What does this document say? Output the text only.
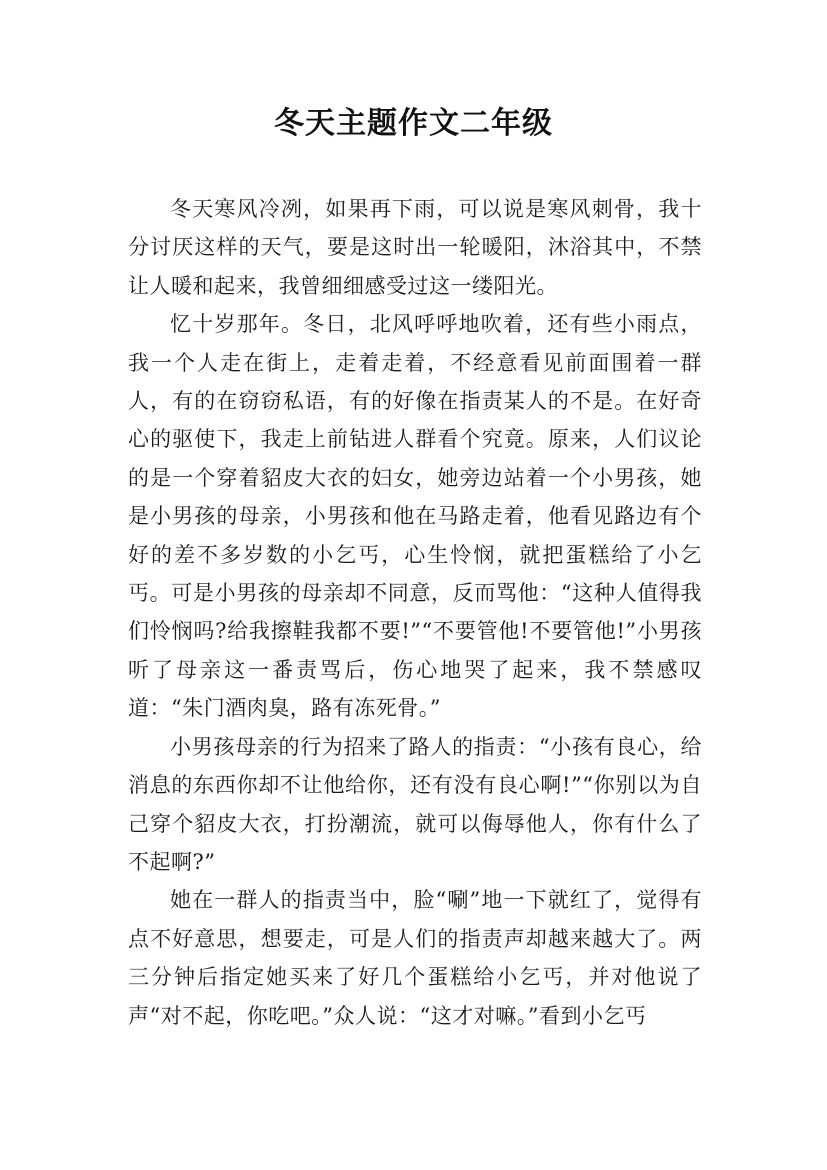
冬天主题作文二年级

冬天寒风冷冽，如果再下雨，可以说是寒风刺骨，我十分讨厌这样的天气，要是这时出一轮暖阳，沐浴其中，不禁让人暖和起来，我曾细细感受过这一缕阳光。

忆十岁那年。冬日，北风呼呼地吹着，还有些小雨点，我一个人走在街上，走着走着，不经意看见前面围着一群人，有的在窃窃私语，有的好像在指责某人的不是。在好奇心的驱使下，我走上前钻进人群看个究竟。原来，人们议论的是一个穿着貂皮大衣的妇女，她旁边站着一个小男孩，她是小男孩的母亲，小男孩和他在马路走着，他看见路边有个好的差不多岁数的小乞丐，心生怜悯，就把蛋糕给了小乞丐。可是小男孩的母亲却不同意，反而骂他：“这种人值得我们怜悯吗?给我擦鞋我都不要!”“不要管他!不要管他!”小男孩听了母亲这一番责骂后，伤心地哭了起来，我不禁感叹道：“朱门酒肉臭，路有冻死骨。”

小男孩母亲的行为招来了路人的指责：“小孩有良心，给消息的东西你却不让他给你，还有没有良心啊!”“你别以为自己穿个貂皮大衣，打扮潮流，就可以侮辱他人，你有什么了不起啊?”

她在一群人的指责当中，脸“唰”地一下就红了，觉得有点不好意思，想要走，可是人们的指责声却越来越大了。两三分钟后指定她买来了好几个蛋糕给小乞丐，并对他说了声“对不起，你吃吧。”众人说：“这才对嘛。”看到小乞丐
